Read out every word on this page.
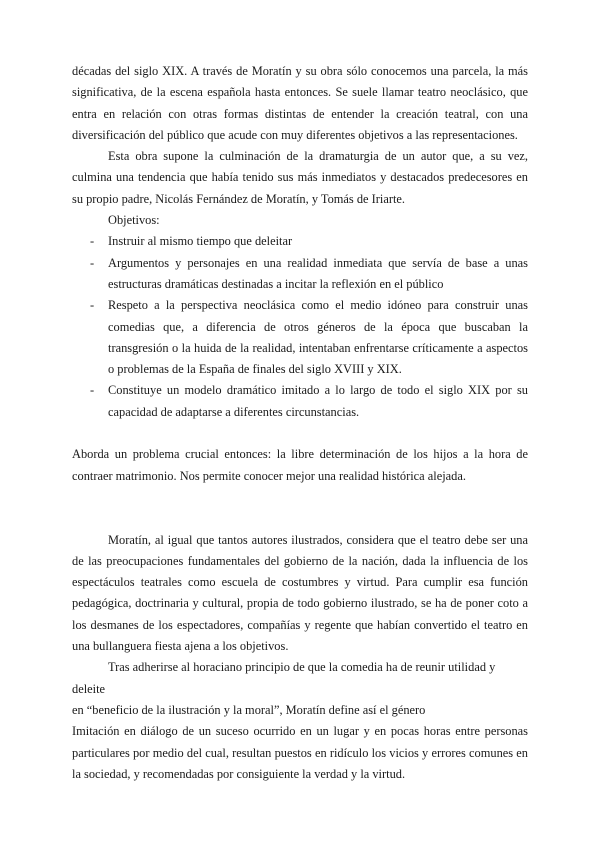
décadas del siglo XIX. A través de Moratín y su obra sólo conocemos una parcela, la más significativa, de la escena española hasta entonces. Se suele llamar teatro neoclásico, que entra en relación con otras formas distintas de entender la creación teatral, con una diversificación del público que acude con muy diferentes objetivos a las representaciones.

Esta obra supone la culminación de la dramaturgia de un autor que, a su vez, culmina una tendencia que había tenido sus más inmediatos y destacados predecesores en su propio padre, Nicolás Fernández de Moratín, y Tomás de Iriarte.

Objetivos:

- Instruir al mismo tiempo que deleitar
- Argumentos y personajes en una realidad inmediata que servía de base a unas estructuras dramáticas destinadas a incitar la reflexión en el público
- Respeto a la perspectiva neoclásica como el medio idóneo para construir unas comedias que, a diferencia de otros géneros de la época que buscaban la transgresión o la huida de la realidad, intentaban enfrentarse críticamente a aspectos o problemas de la España de finales del siglo XVIII y XIX.
- Constituye un modelo dramático imitado a lo largo de todo el siglo XIX por su capacidad de adaptarse a diferentes circunstancias.

Aborda un problema crucial entonces: la libre determinación de los hijos a la hora de contraer matrimonio. Nos permite conocer mejor una realidad histórica alejada.

Moratín, al igual que tantos autores ilustrados, considera que el teatro debe ser una de las preocupaciones fundamentales del gobierno de la nación, dada la influencia de los espectáculos teatrales como escuela de costumbres y virtud. Para cumplir esa función pedagógica, doctrinaria y cultural, propia de todo gobierno ilustrado, se ha de poner coto a los desmanes de los espectadores, compañías y regente que habían convertido el teatro en una bullanguera fiesta ajena a los objetivos.

Tras adherirse al horaciano principio de que la comedia ha de reunir utilidad y deleite
en “beneficio de la ilustración y la moral”, Moratín define así el género

Imitación en diálogo de un suceso ocurrido en un lugar y en pocas horas entre personas particulares por medio del cual, resultan puestos en ridículo los vicios y errores comunes en la sociedad, y recomendadas por consiguiente la verdad y la virtud.
